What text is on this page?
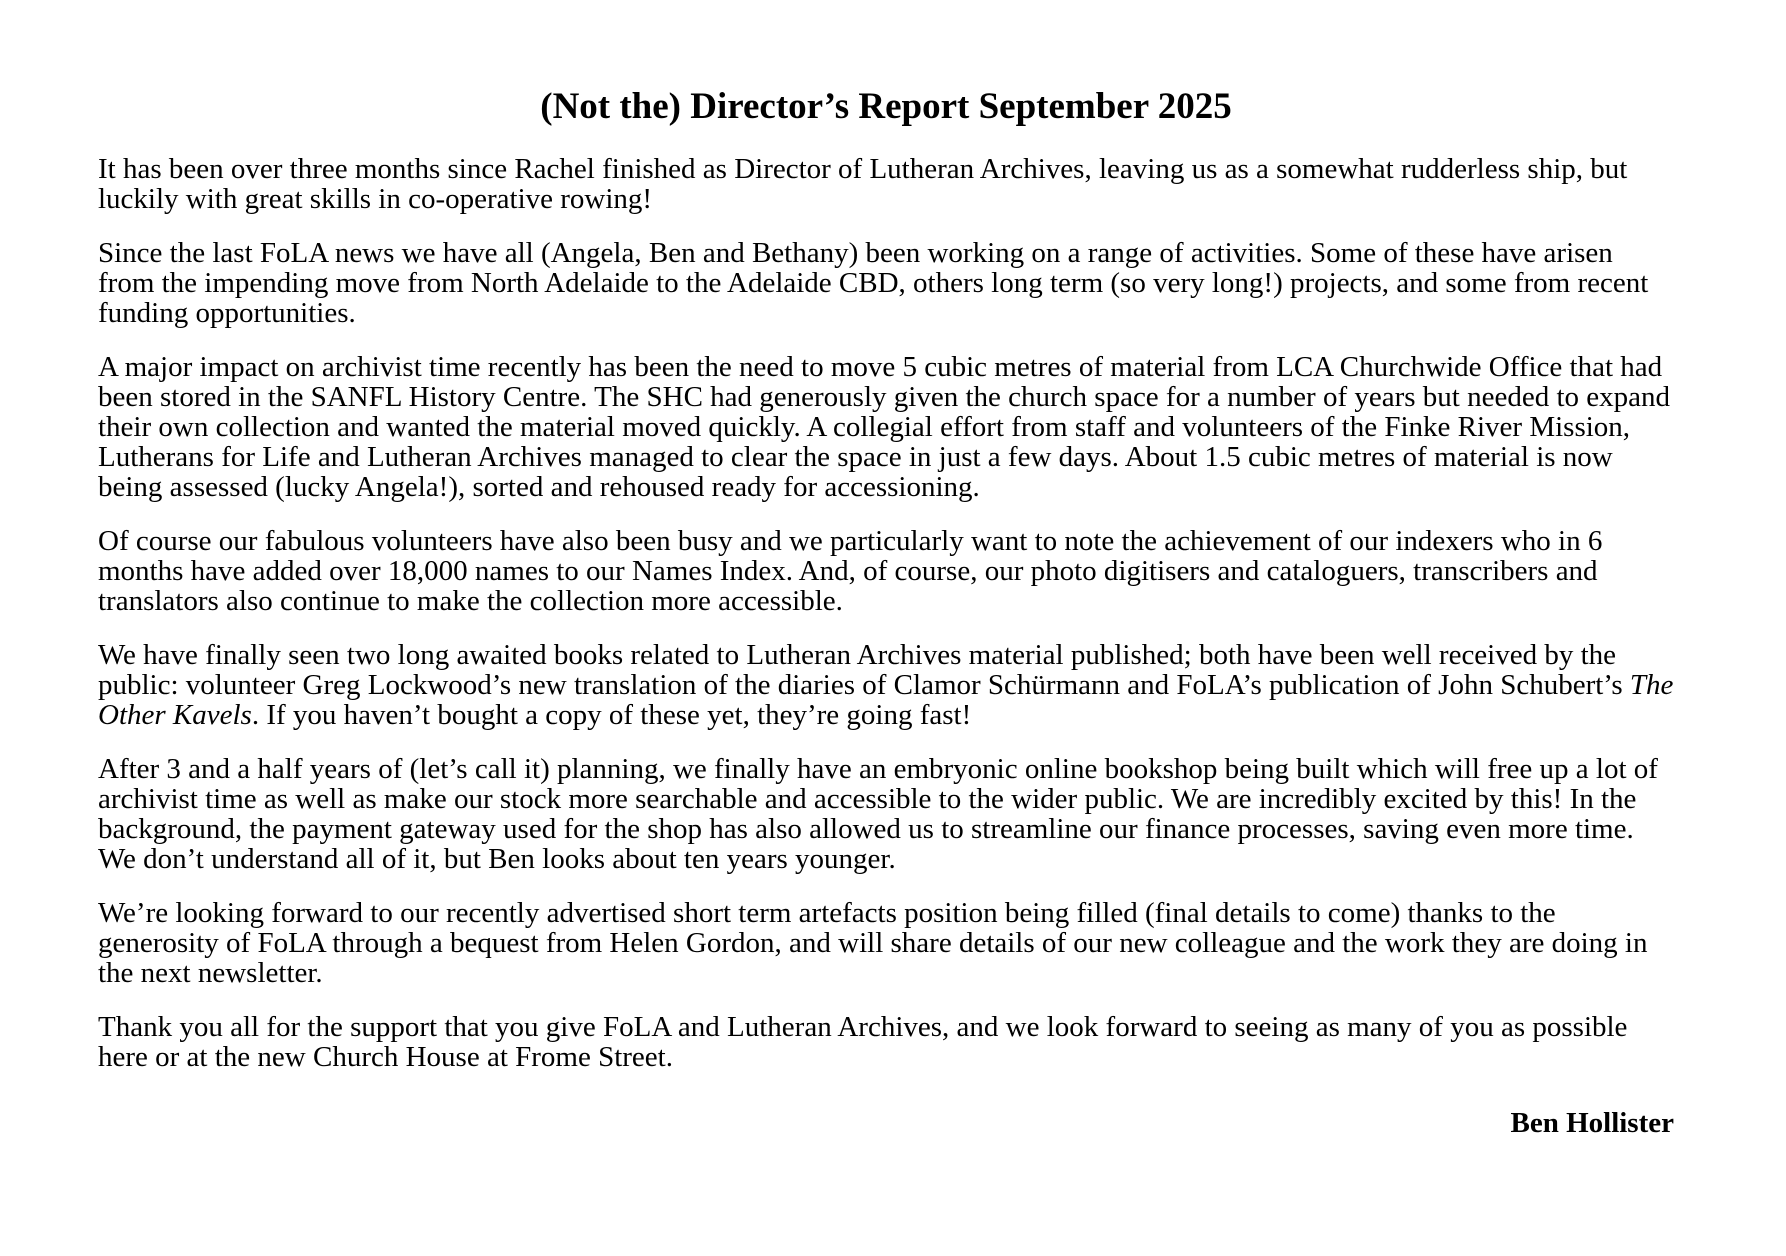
(Not the) Director’s Report September 2025

It has been over three months since Rachel finished as Director of Lutheran Archives, leaving us as a somewhat rudderless ship, but luckily with great skills in co-operative rowing!

Since the last FoLA news we have all (Angela, Ben and Bethany) been working on a range of activities. Some of these have arisen from the impending move from North Adelaide to the Adelaide CBD, others long term (so very long!) projects, and some from recent funding opportunities.

A major impact on archivist time recently has been the need to move 5 cubic metres of material from LCA Churchwide Office that had been stored in the SANFL History Centre. The SHC had generously given the church space for a number of years but needed to expand their own collection and wanted the material moved quickly. A collegial effort from staff and volunteers of the Finke River Mission, Lutherans for Life and Lutheran Archives managed to clear the space in just a few days. About 1.5 cubic metres of material is now being assessed (lucky Angela!), sorted and rehoused ready for accessioning.

Of course our fabulous volunteers have also been busy and we particularly want to note the achievement of our indexers who in 6 months have added over 18,000 names to our Names Index. And, of course, our photo digitisers and cataloguers, transcribers and translators also continue to make the collection more accessible.

We have finally seen two long awaited books related to Lutheran Archives material published; both have been well received by the public: volunteer Greg Lockwood’s new translation of the diaries of Clamor Schürmann and FoLA’s publication of John Schubert’s The Other Kavels. If you haven’t bought a copy of these yet, they’re going fast!

After 3 and a half years of (let’s call it) planning, we finally have an embryonic online bookshop being built which will free up a lot of archivist time as well as make our stock more searchable and accessible to the wider public. We are incredibly excited by this! In the background, the payment gateway used for the shop has also allowed us to streamline our finance processes, saving even more time. We don’t understand all of it, but Ben looks about ten years younger.

We’re looking forward to our recently advertised short term artefacts position being filled (final details to come) thanks to the generosity of FoLA through a bequest from Helen Gordon, and will share details of our new colleague and the work they are doing in the next newsletter.

Thank you all for the support that you give FoLA and Lutheran Archives, and we look forward to seeing as many of you as possible here or at the new Church House at Frome Street.

Ben Hollister
